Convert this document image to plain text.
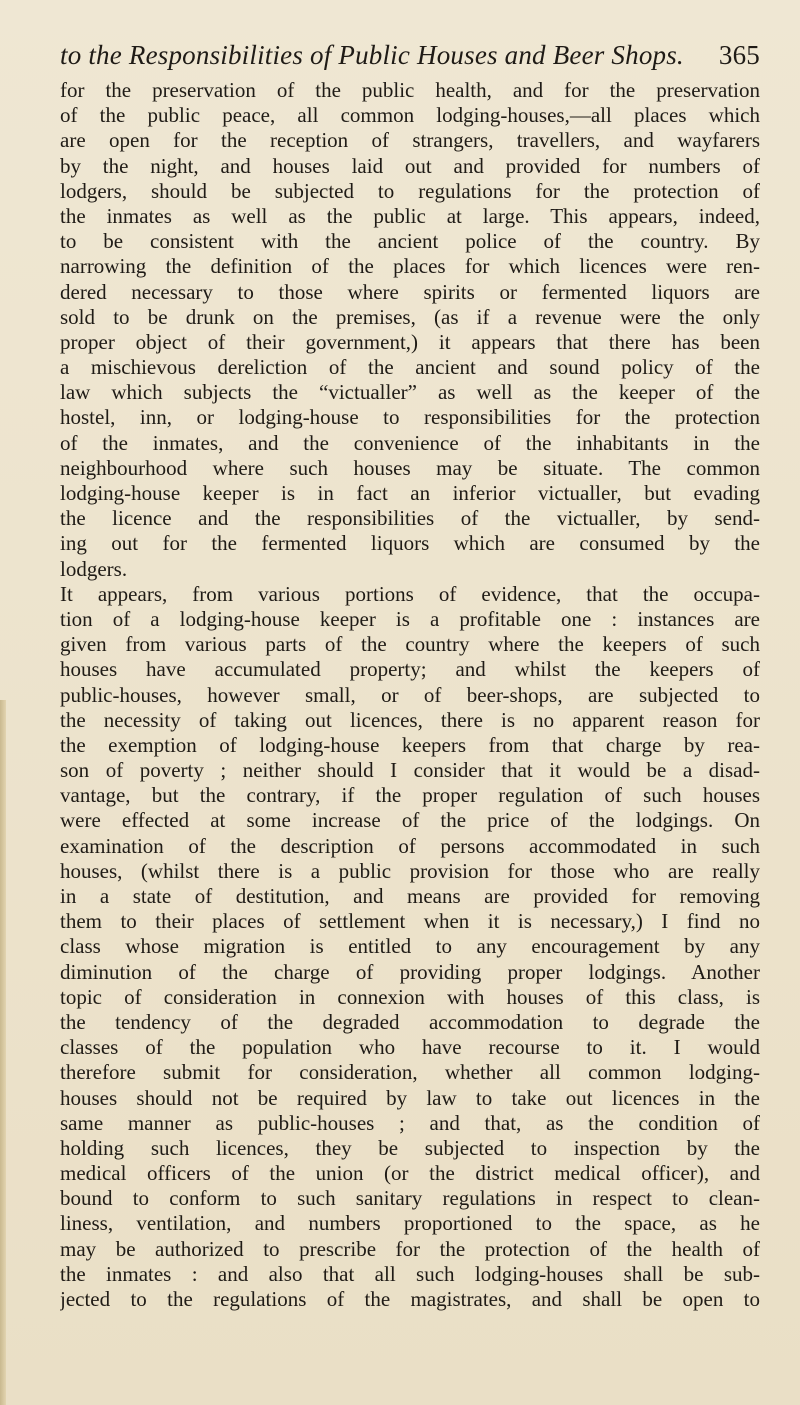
to the Responsibilities of Public Houses and Beer Shops. 365
for the preservation of the public health, and for the preservation
of the public peace, all common lodging-houses,—all places which
are open for the reception of strangers, travellers, and wayfarers
by the night, and houses laid out and provided for numbers of
lodgers, should be subjected to regulations for the protection of
the inmates as well as the public at large. This appears, indeed,
to be consistent with the ancient police of the country. By
narrowing the definition of the places for which licences were ren-
dered necessary to those where spirits or fermented liquors are
sold to be drunk on the premises, (as if a revenue were the only
proper object of their government,) it appears that there has been
a mischievous dereliction of the ancient and sound policy of the
law which subjects the “victualler” as well as the keeper of the
hostel, inn, or lodging-house to responsibilities for the protection
of the inmates, and the convenience of the inhabitants in the
neighbourhood where such houses may be situate. The common
lodging-house keeper is in fact an inferior victualler, but evading
the licence and the responsibilities of the victualler, by send-
ing out for the fermented liquors which are consumed by the
lodgers.
It appears, from various portions of evidence, that the occupa-
tion of a lodging-house keeper is a profitable one : instances are
given from various parts of the country where the keepers of such
houses have accumulated property; and whilst the keepers of
public-houses, however small, or of beer-shops, are subjected to
the necessity of taking out licences, there is no apparent reason for
the exemption of lodging-house keepers from that charge by rea-
son of poverty ; neither should I consider that it would be a disad-
vantage, but the contrary, if the proper regulation of such houses
were effected at some increase of the price of the lodgings. On
examination of the description of persons accommodated in such
houses, (whilst there is a public provision for those who are really
in a state of destitution, and means are provided for removing
them to their places of settlement when it is necessary,) I find no
class whose migration is entitled to any encouragement by any
diminution of the charge of providing proper lodgings. Another
topic of consideration in connexion with houses of this class, is
the tendency of the degraded accommodation to degrade the
classes of the population who have recourse to it. I would
therefore submit for consideration, whether all common lodging-
houses should not be required by law to take out licences in the
same manner as public-houses ; and that, as the condition of
holding such licences, they be subjected to inspection by the
medical officers of the union (or the district medical officer), and
bound to conform to such sanitary regulations in respect to clean-
liness, ventilation, and numbers proportioned to the space, as he
may be authorized to prescribe for the protection of the health of
the inmates : and also that all such lodging-houses shall be sub-
jected to the regulations of the magistrates, and shall be open to
